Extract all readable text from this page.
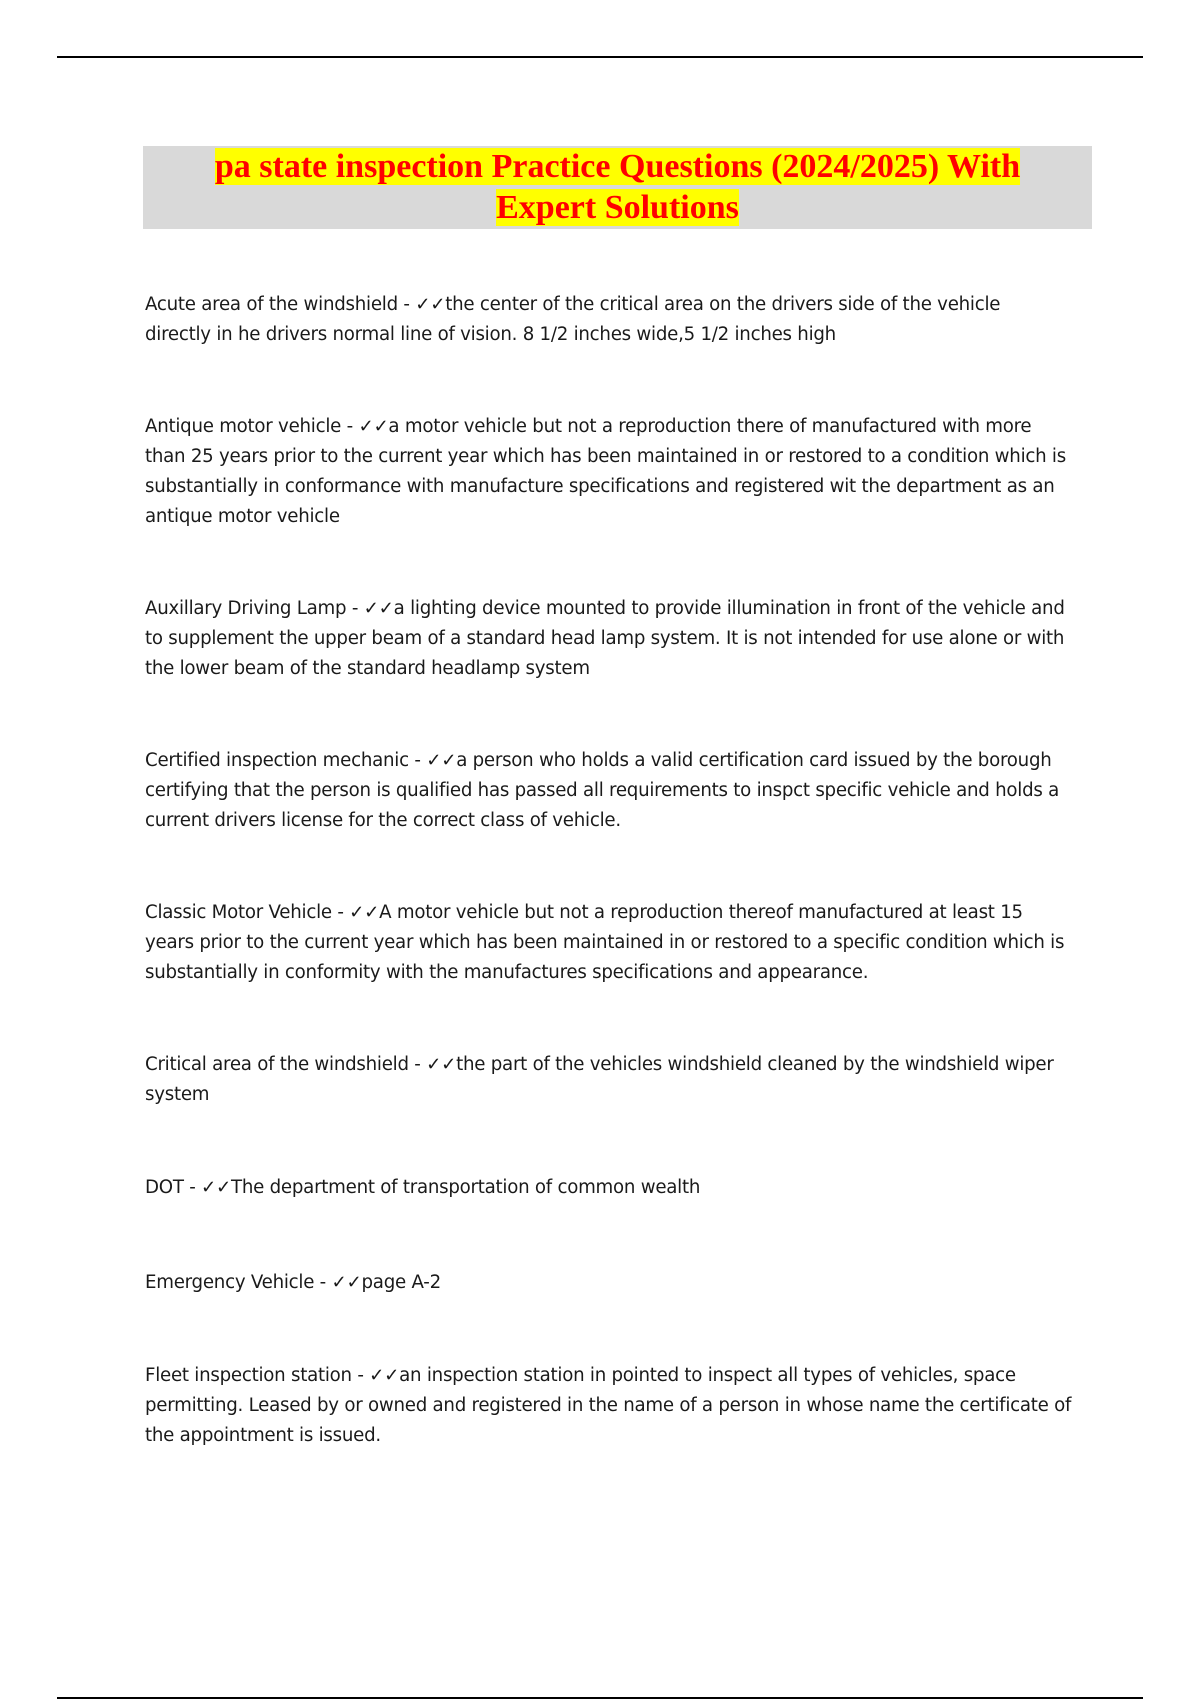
pa state inspection Practice Questions (2024/2025) With
Expert Solutions
Acute area of the windshield - ✓✓the center of the critical area on the drivers side of the vehicle
directly in he drivers normal line of vision. 8 1/2 inches wide,5 1/2 inches high
Antique motor vehicle - ✓✓a motor vehicle but not a reproduction there of manufactured with more
than 25 years prior to the current year which has been maintained in or restored to a condition which is
substantially in conformance with manufacture specifications and registered wit the department as an
antique motor vehicle
Auxillary Driving Lamp - ✓✓a lighting device mounted to provide illumination in front of the vehicle and
to supplement the upper beam of a standard head lamp system. It is not intended for use alone or with
the lower beam of the standard headlamp system
Certified inspection mechanic - ✓✓a person who holds a valid certification card issued by the borough
certifying that the person is qualified has passed all requirements to inspct specific vehicle and holds a
current drivers license for the correct class of vehicle.
Classic Motor Vehicle - ✓✓A motor vehicle but not a reproduction thereof manufactured at least 15
years prior to the current year which has been maintained in or restored to a specific condition which is
substantially in conformity with the manufactures specifications and appearance.
Critical area of the windshield - ✓✓the part of the vehicles windshield cleaned by the windshield wiper
system
DOT - ✓✓The department of transportation of common wealth
Emergency Vehicle - ✓✓page A-2
Fleet inspection station - ✓✓an inspection station in pointed to inspect all types of vehicles, space
permitting. Leased by or owned and registered in the name of a person in whose name the certificate of
the appointment is issued.
